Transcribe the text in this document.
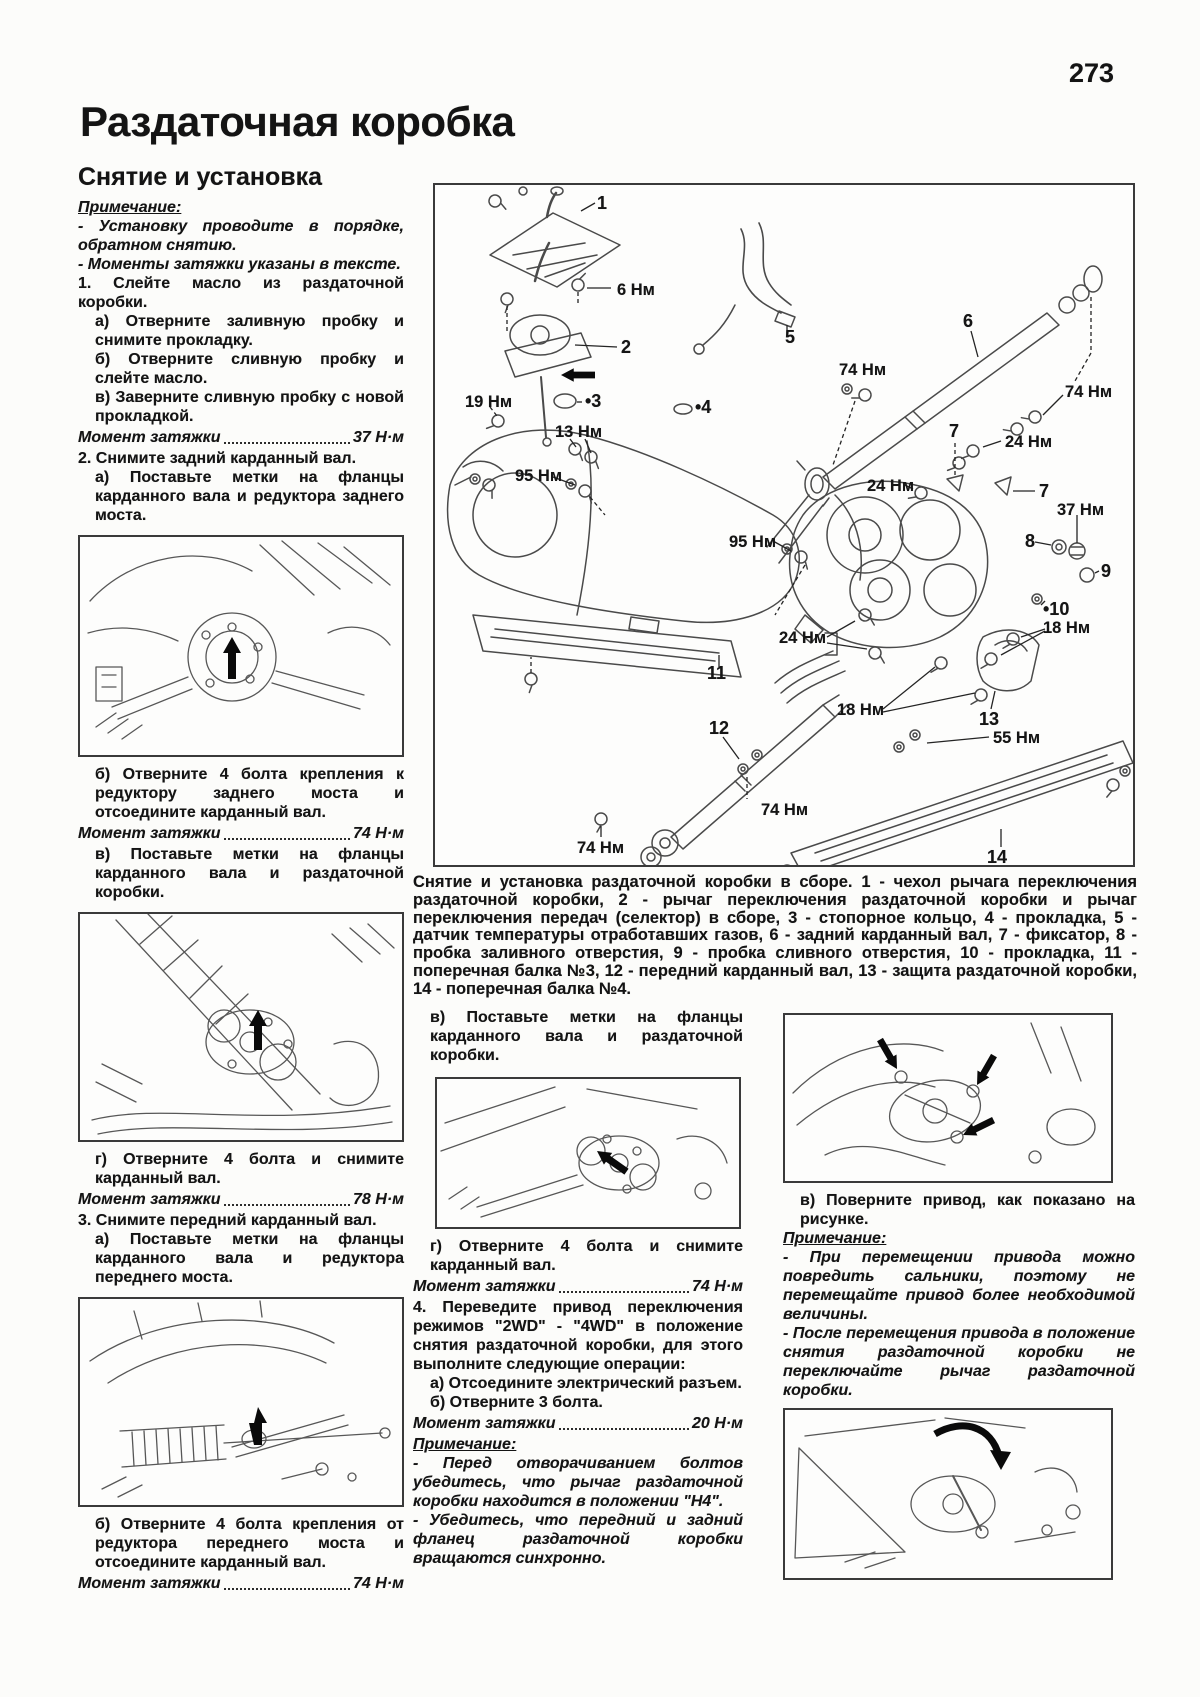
273
Раздаточная коробка
Снятие и установка

Примечание:

- Установку проводите в порядке, обратном снятию.

- Моменты затяжки указаны в тексте.

1. Слейте масло из раздаточной коробки.

а) Отверните заливную пробку и снимите прокладку.

б) Отверните сливную пробку и слейте масло.

в) Заверните сливную пробку с новой прокладкой.

Момент затяжки	37 Н·м

2. Снимите задний карданный вал.

а) Поставьте метки на фланцы карданного вала и редуктора заднего моста.

б) Отверните 4 болта крепления к редуктору заднего моста и отсоедините карданный вал.

Момент затяжки	74 Н·м

в) Поставьте метки на фланцы карданного вала и раздаточной коробки.

г) Отверните 4 болта и снимите карданный вал.

Момент затяжки	78 Н·м

3. Снимите передний карданный вал.

а) Поставьте метки на фланцы карданного вала и редуктора переднего моста.

б) Отверните 4 болта крепления от редуктора переднего моста и отсоедините карданный вал.

Момент затяжки	74 Н·м
6 Нм
19 Нм
13 Нм
95 Нм
74 Нм
74 Нм
24 Нм
24 Нм
37 Нм
18 Нм
95 Нм
24 Нм
18 Нм
55 Нм
74 Нм
74 Нм
1
2
•3	•4
5
6
7
7
8
9
•10
11
12	13
14

Снятие и установка раздаточной коробки в сборе. 1 - чехол рычага переключения раздаточной коробки, 2 - рычаг переключения раздаточной коробки и рычаг переключения передач (селектор) в сборе, 3 - стопорное кольцо, 4 - прокладка, 5 - датчик температуры отработавших газов, 6 - задний карданный вал, 7 - фиксатор, 8 - пробка заливного отверстия, 9 - пробка сливного отверстия, 10 - прокладка, 11 - поперечная балка №3, 12 - передний карданный вал, 13 - защита раздаточной коробки, 14 - поперечная балка №4.

в) Поставьте метки на фланцы карданного вала и раздаточной коробки.

г) Отверните 4 болта и снимите карданный вал.

Момент затяжки	74 Н·м

4. Переведите привод переключения режимов "2WD" - "4WD" в положение снятия раздаточной коробки, для этого выполните следующие операции:

а) Отсоедините электрический разъем.

б) Отверните 3 болта.

Момент затяжки	20 Н·м

Примечание:

- Перед отворачиванием болтов убедитесь, что рычаг раздаточной коробки находится в положении "H4".

- Убедитесь, что передний и задний фланец раздаточной коробки вращаются синхронно.

в) Поверните привод, как показано на рисунке.

Примечание:

- При перемещении привода можно повредить сальники, поэтому не перемещайте привод более необходимой величины.

- После перемещения привода в положение снятия раздаточной коробки не переключайте рычаг раздаточной коробки.
